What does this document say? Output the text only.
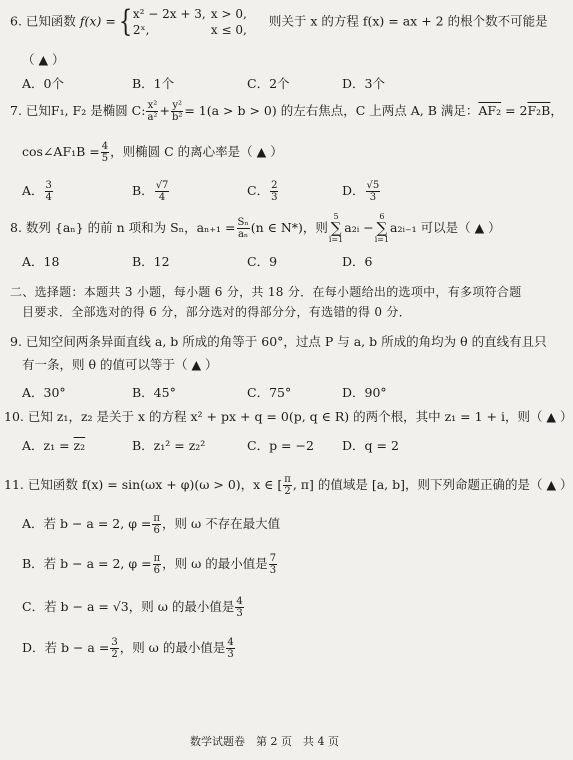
6. 已知函数 f(x) ={ x² − 2x + 3,
2ˣ,
x > 0,
x ≤ 0,
则关于 x 的方程 f(x) = ax + 2 的根个数不可能是
（ ▲ ）
A．0个	B．1个	C．2个	D．3个
7. 已知F₁, F₂ 是椭圆 C: $\frac{\text{x²}}{\text{a²}} + \frac{\text{y²}}{\text{b²}} = 1(a > b > 0)$ 的左右焦点，C 上两点 A, B 满足：AF₂ = 2F₂B，
cos∠AF₁B = $\frac{4}{5}$ ，则椭圆 C 的离心率是（ ▲ ）
A． $\frac{3}{4}$	B． $\frac{√7}{4}$	C． $\frac{2}{3}$	D． $\frac{√5}{3}$
8. 数列 {aₙ} 的前 n 项和为 Sₙ，$a_{n+1} = \frac{\text{Sₙ}}{\text{aₙ}} (n$ ∈ N*)，则5
∑
i=1a₂ᵢ −6
∑
i=1a₂ᵢ₋₁ 可以是（ ▲ ）
A．18	B．12	C．9	D．6
二、选择题：本题共 3 小题，每小题 6 分，共 18 分．在每小题给出的选项中，有多项符合题
目要求．全部选对的得 6 分，部分选对的得部分分，有选错的得 0 分．
9. 已知空间两条异面直线 a, b 所成的角等于 60°，过点 P 与 a, b 所成的角均为 θ 的直线有且只
有一条，则 θ 的值可以等于（ ▲ ）
A．30°	B．45°	C．75°	D．90°
10. 已知 z₁，z₂ 是关于 x 的方程 x² + px + q = 0(p, q ∈ R) 的两个根，其中 z₁ = 1 + i，则（ ▲ ）
A．z₁ = z₂	B．z₁² = z₂²	C．p = −2 D．q = 2
11. 已知函数 f(x) = sin(ωx + φ)(ω > 0)，x ∈ [ $\frac{\pi}{2}$ , π] 的值域是 [a, b]，则下列命题正确的是（ ▲ ）
A．若 b − a = 2, $\varphi = \frac{\pi}{6}$ ，则 ω 不存在最大值
B．若 b − a = 2, $\varphi = \frac{\pi}{6}$ ，则 ω 的最小值是 $\frac{7}{3}$
C．若 b − a = √3，则 ω 的最小值是 $\frac{4}{3}$
D．若 $b - a = \frac{3}{2}$ ，则 ω 的最小值是 $\frac{4}{3}$
数学试题卷　第 2 页　共 4 页
